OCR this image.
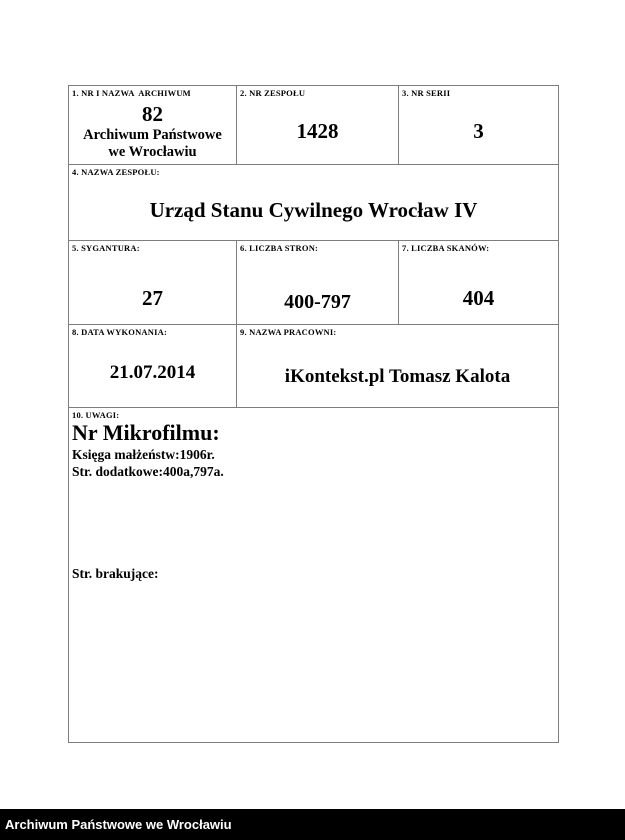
1. NR I NAZWA  ARCHIWUM
82
Archiwum Państwowe
we Wrocławiu
2. NR ZESPOŁU
1428
3. NR SERII
3
4. NAZWA ZESPOŁU:
Urząd Stanu Cywilnego Wrocław IV
5. SYGANTURA:
27
6. LICZBA STRON:
400-797
7. LICZBA SKANÓW:
404
8. DATA WYKONANIA:
21.07.2014
9. NAZWA PRACOWNI:
iKontekst.pl Tomasz Kalota
10. UWAGI:
Nr Mikrofilmu:
Księga małżeństw:1906r.
Str. dodatkowe:400a,797a.
Str. brakujące:
Archiwum Państwowe we Wrocławiu
